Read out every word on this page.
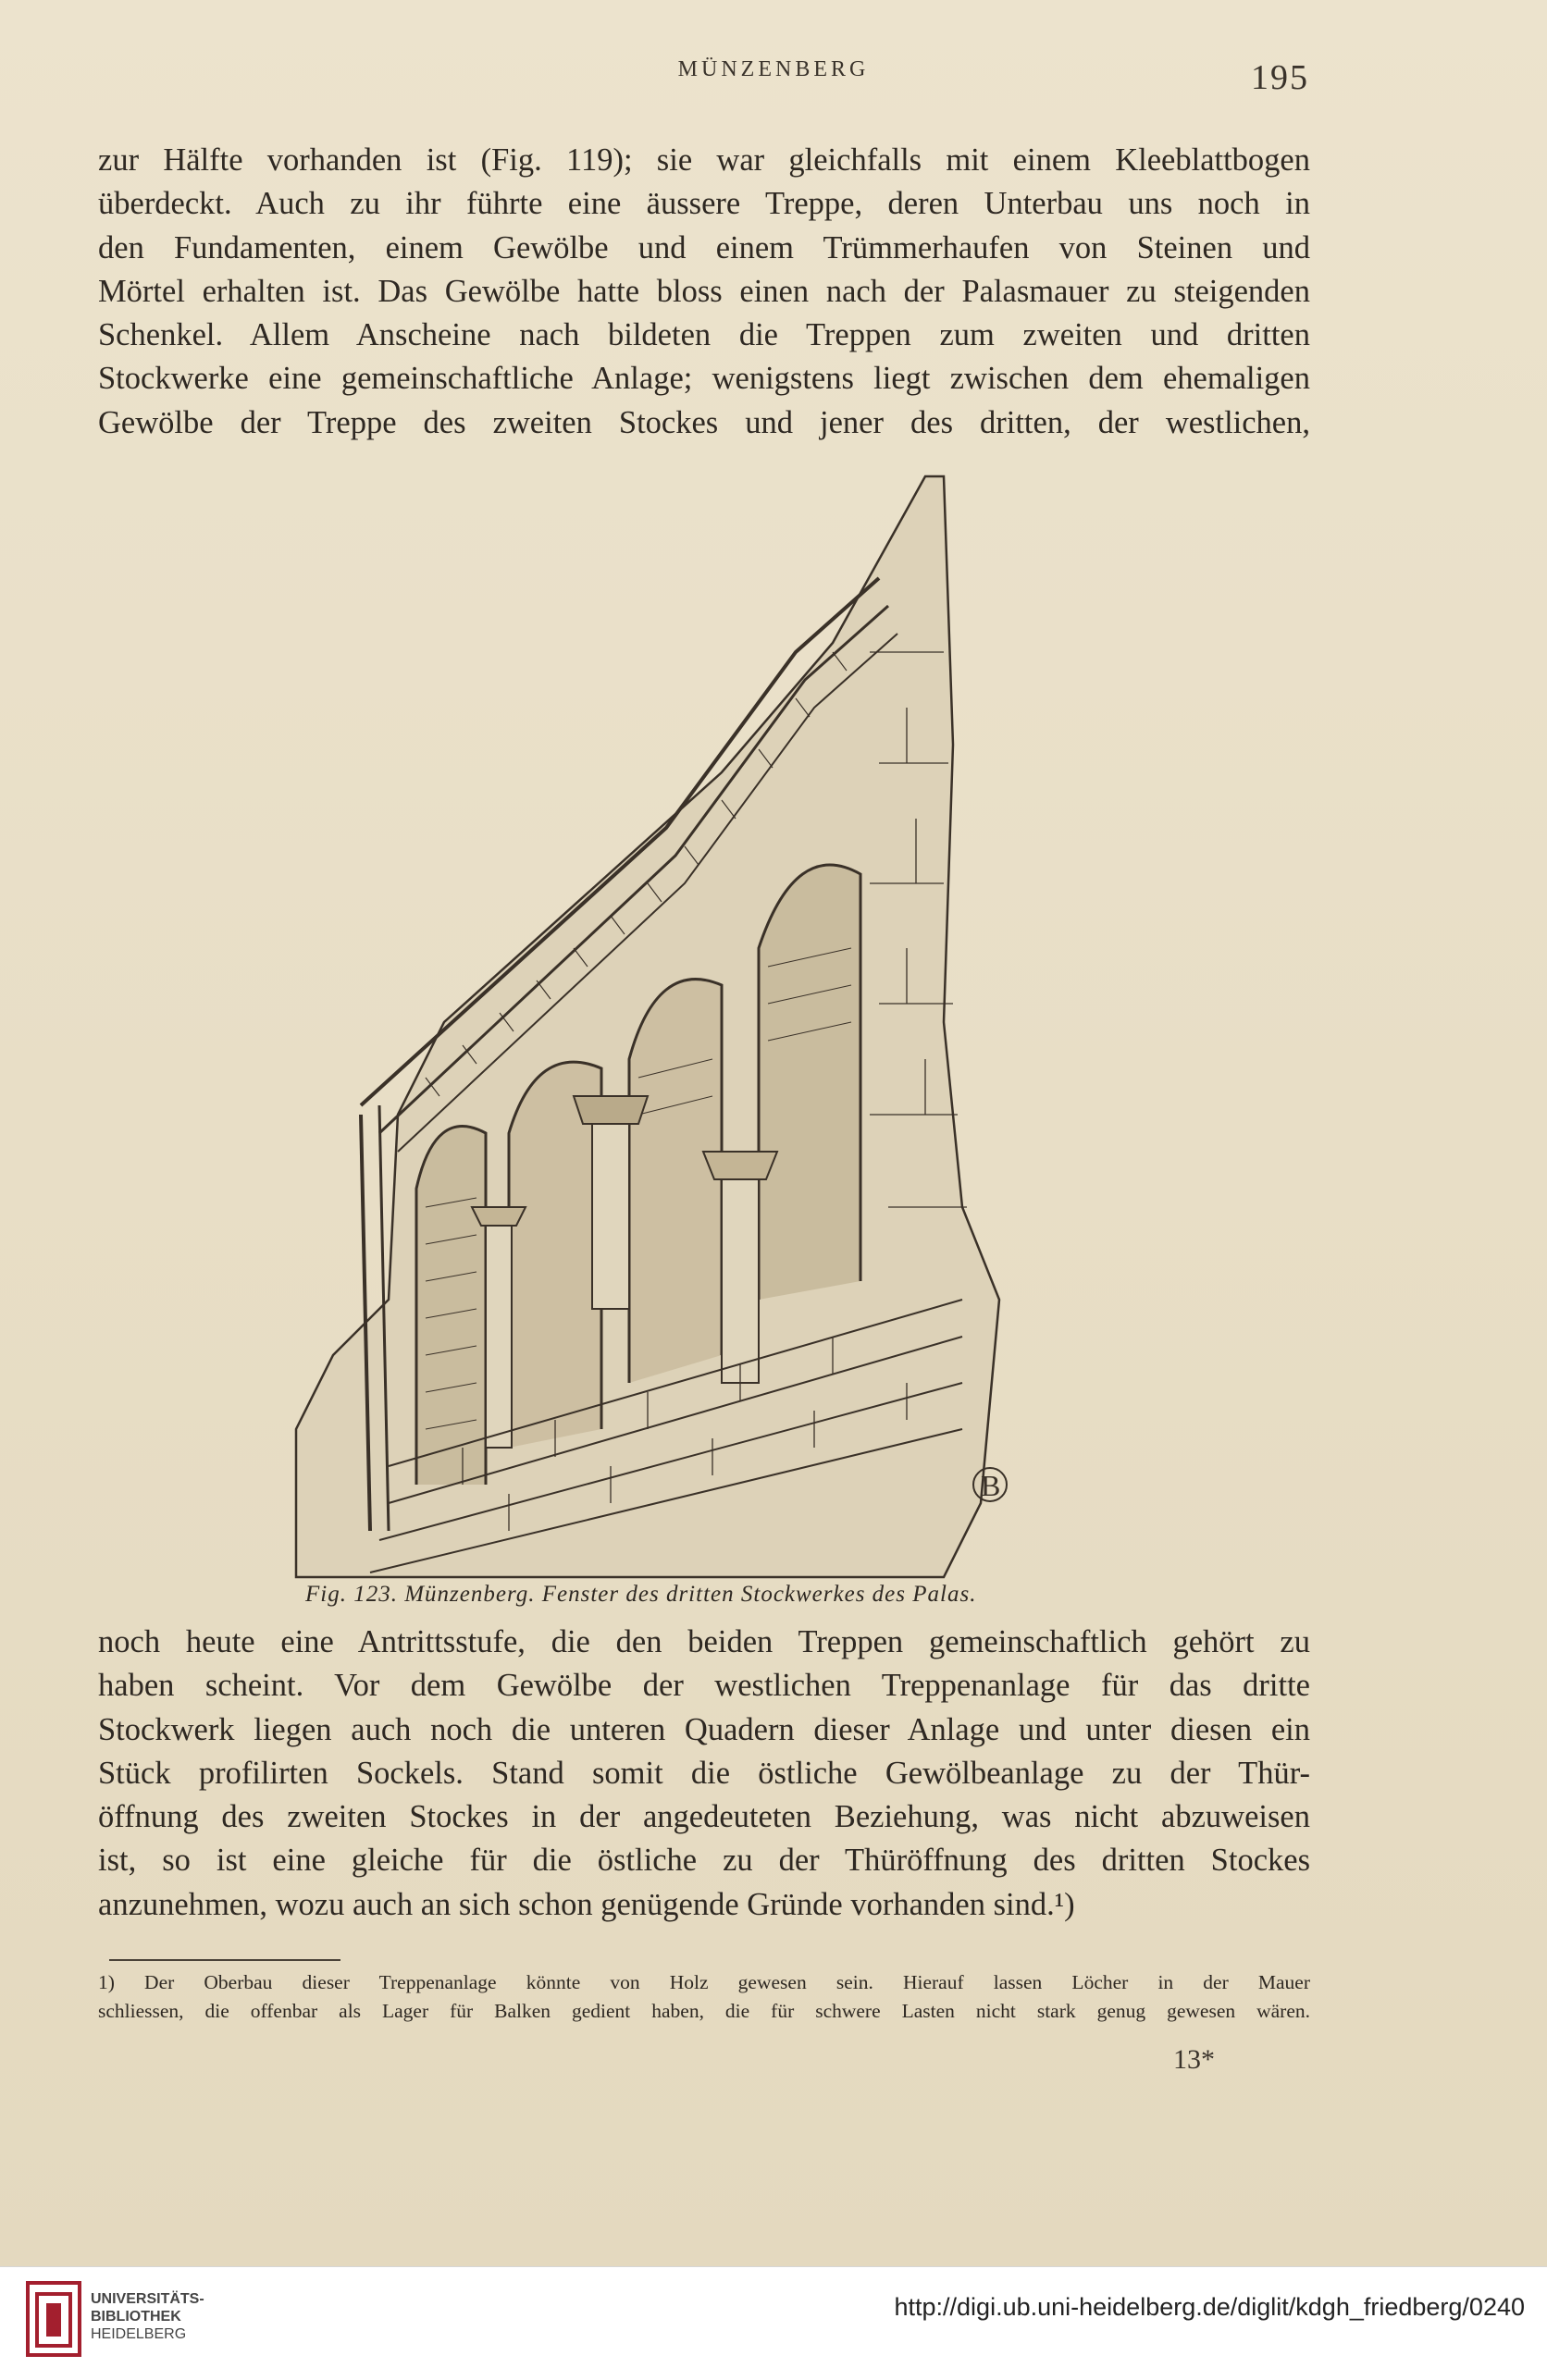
MÜNZENBERG	195
zur Hälfte vorhanden ist (Fig. 119); sie war gleichfalls mit einem Kleeblattbogen
überdeckt. Auch zu ihr führte eine äussere Treppe, deren Unterbau uns noch in
den Fundamenten, einem Gewölbe und einem Trümmerhaufen von Steinen und
Mörtel erhalten ist. Das Gewölbe hatte bloss einen nach der Palasmauer zu steigenden
Schenkel. Allem Anscheine nach bildeten die Treppen zum zweiten und dritten
Stockwerke eine gemeinschaftliche Anlage; wenigstens liegt zwischen dem ehemaligen
Gewölbe der Treppe des zweiten Stockes und jener des dritten, der westlichen,
B
Fig. 123. Münzenberg. Fenster des dritten Stockwerkes des Palas.
noch heute eine Antrittsstufe, die den beiden Treppen gemeinschaftlich gehört zu
haben scheint. Vor dem Gewölbe der westlichen Treppenanlage für das dritte
Stockwerk liegen auch noch die unteren Quadern dieser Anlage und unter diesen ein
Stück profilirten Sockels. Stand somit die östliche Gewölbeanlage zu der Thür-
öffnung des zweiten Stockes in der angedeuteten Beziehung, was nicht abzuweisen
ist, so ist eine gleiche für die östliche zu der Thüröffnung des dritten Stockes
anzunehmen, wozu auch an sich schon genügende Gründe vorhanden sind.¹)
1) Der Oberbau dieser Treppenanlage könnte von Holz gewesen sein. Hierauf lassen Löcher in der Mauer
schliessen, die offenbar als Lager für Balken gedient haben, die für schwere Lasten nicht stark genug gewesen wären.
13*
UNIVERSITÄTS-
BIBLIOTHEK
HEIDELBERG
http://digi.ub.uni-heidelberg.de/diglit/kdgh_friedberg/0240
